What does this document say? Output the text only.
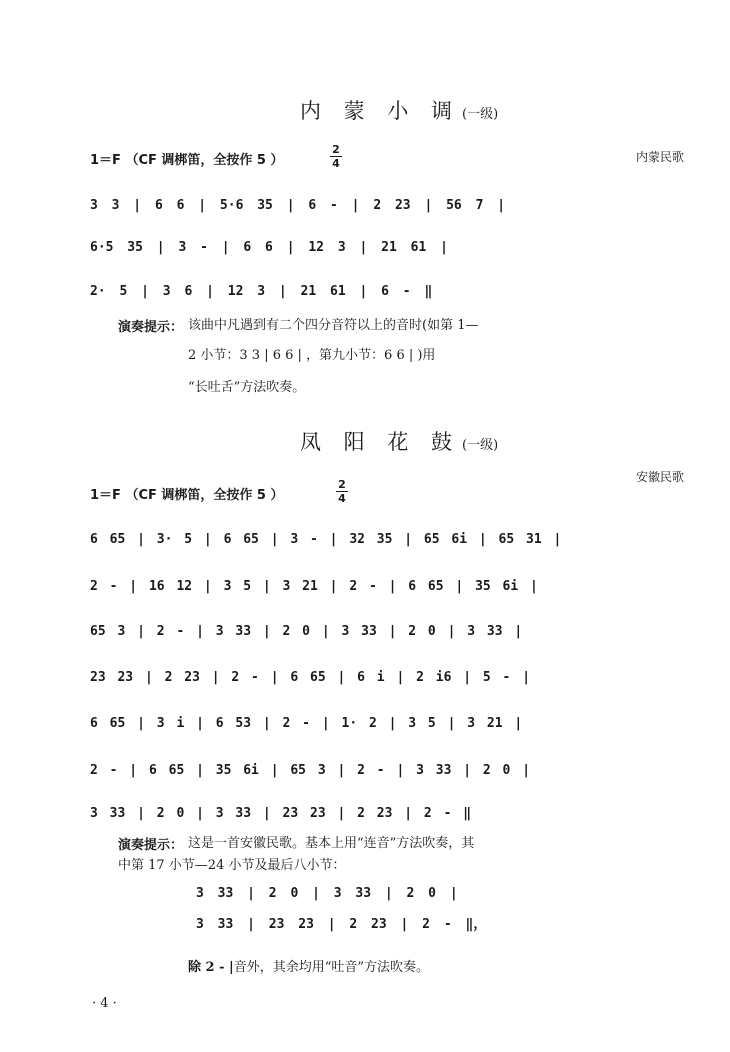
内 蒙 小 调 (一级)
1＝F （CF 调梆笛，全按作 5 ）
2
4	内蒙民歌
3 3 | 6 6 | 5·6 35 | 6 - | 2 23 | 56 7 |
6·5 35 | 3 - | 6 6 | 12 3 | 21 61 |
2· 5 | 3 6 | 12 3 | 21 61 | 6 - ‖
演奏提示： 该曲中凡遇到有二个四分音符以上的音时(如第 1—
2 小节：3 3 | 6 6 | ，第九小节：6 6 | )用
“长吐舌”方法吹奏。
凤 阳 花 鼓 (一级)
安徽民歌
1＝F （CF 调梆笛，全按作 5 ）
2
4
6 65 | 3· 5 | 6 65 | 3 - | 32 35 | 65 6i | 65 31 |
2 - | 16 12 | 3 5 | 3 21 | 2 - | 6 65 | 35 6i |
65 3 | 2 - | 3 33 | 2 0 | 3 33 | 2 0 | 3 33 |
23 23 | 2 23 | 2 - | 6 65 | 6 i | 2 i6 | 5 - |
6 65 | 3 i | 6 53 | 2 - | 1· 2 | 3 5 | 3 21 |
2 - | 6 65 | 35 6i | 65 3 | 2 - | 3 33 | 2 0 |
3 33 | 2 0 | 3 33 | 23 23 | 2 23 | 2 - ‖
演奏提示： 这是一首安徽民歌。基本上用“连音”方法吹奏，其
中第 17 小节—24 小节及最后八小节：
3 33 | 2 0 | 3 33 | 2 0 |
3 33 | 23 23 | 2 23 | 2 - ‖，
除 2 - |音外，其余均用“吐音”方法吹奏。
· 4 ·
